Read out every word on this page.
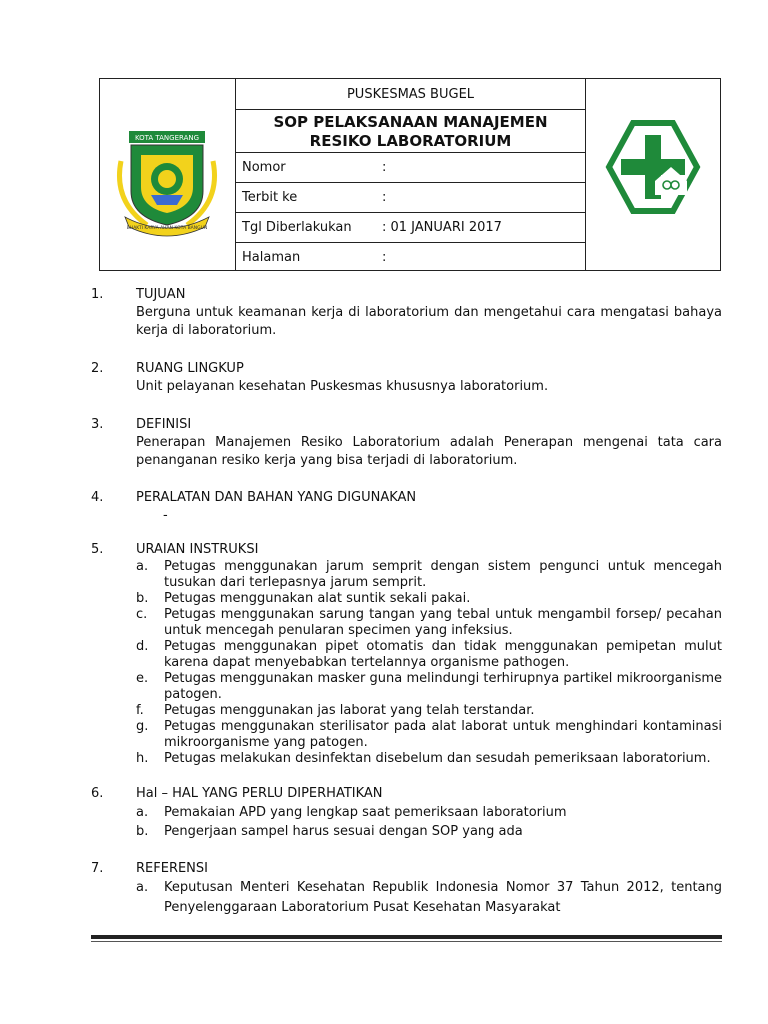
KOTA TANGERANG
BHAKTI KARYA AHAN KOTA BANGUN
PUSKESMAS BUGEL
SOP PELAKSANAAN MANAJEMEN
RESIKO LABORATORIUM
Nomor	:
Terbit ke	:
Tgl Diberlakukan : 01 JANUARI 2017
Halaman	:
1.	TUJUAN
Berguna untuk keamanan kerja di laboratorium dan mengetahui cara mengatasi bahaya kerja di laboratorium.
2.	RUANG LINGKUP
Unit pelayanan kesehatan Puskesmas khususnya laboratorium.
3.	DEFINISI
Penerapan Manajemen Resiko Laboratorium adalah Penerapan mengenai tata cara penanganan resiko kerja yang bisa terjadi di laboratorium.
4.	PERALATAN DAN BAHAN YANG DIGUNAKAN
-
5.	URAIAN INSTRUKSI
a. Petugas menggunakan jarum semprit dengan sistem pengunci untuk mencegah tusukan dari terlepasnya jarum semprit.
b. Petugas menggunakan alat suntik sekali pakai.
c. Petugas menggunakan sarung tangan yang tebal untuk mengambil forsep/ pecahan untuk mencegah penularan specimen yang infeksius.
d. Petugas menggunakan pipet otomatis dan tidak menggunakan pemipetan mulut karena dapat menyebabkan tertelannya organisme pathogen.
e. Petugas menggunakan masker guna melindungi terhirupnya partikel mikroorganisme patogen.
f. Petugas menggunakan jas laborat yang telah terstandar.
g. Petugas menggunakan sterilisator pada alat laborat untuk menghindari kontaminasi mikroorganisme yang patogen.
h. Petugas melakukan desinfektan disebelum dan sesudah pemeriksaan laboratorium.
6.	Hal – HAL YANG PERLU DIPERHATIKAN
a. Pemakaian APD yang lengkap saat pemeriksaan laboratorium
b. Pengerjaan sampel harus sesuai dengan SOP yang ada
7.	REFERENSI
a. Keputusan Menteri Kesehatan Republik Indonesia Nomor 37 Tahun 2012, tentang Penyelenggaraan Laboratorium Pusat Kesehatan Masyarakat
